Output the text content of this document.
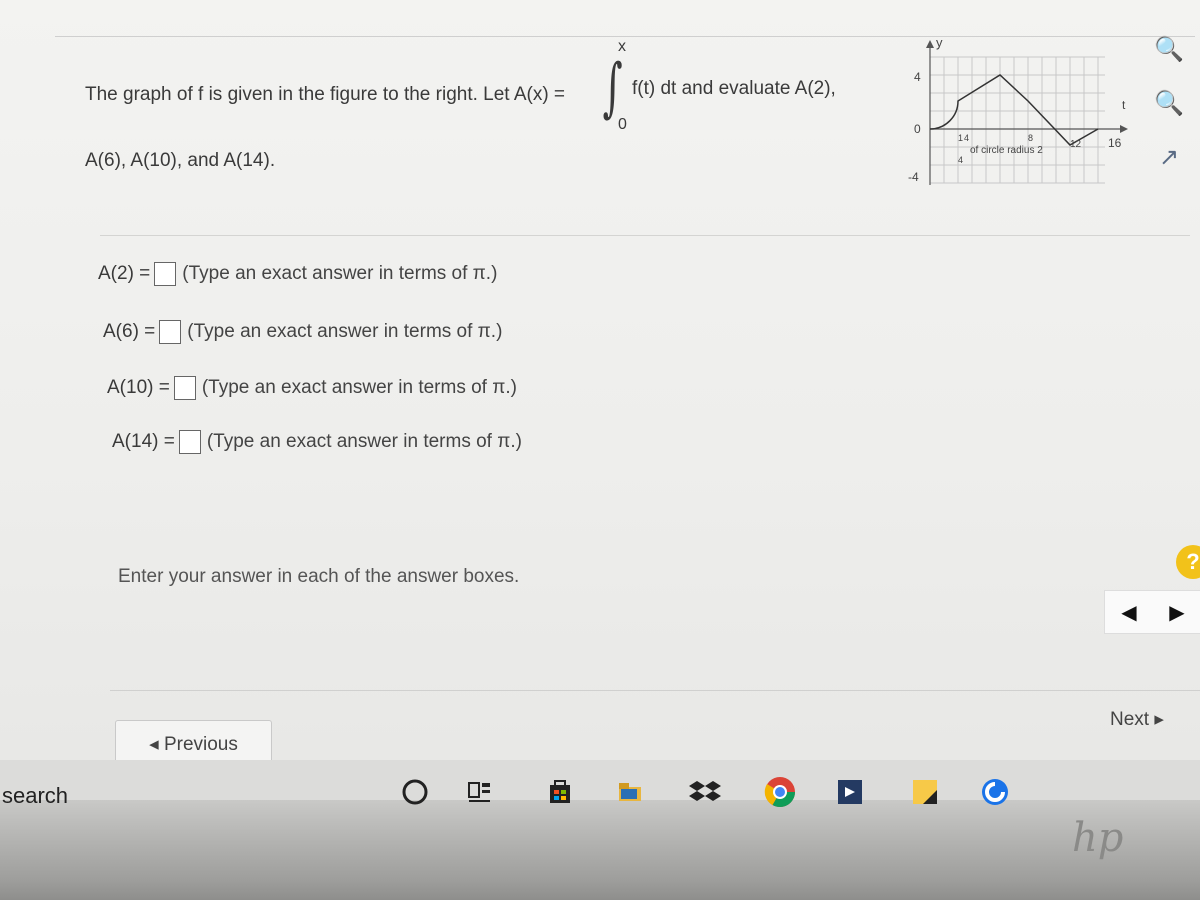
The graph of f is given in the figure to the right. Let A(x) =
x
∫
0
f(t) dt and evaluate A(2),
A(6), A(10), and A(14).
y
t
4
0
-4
1
4
of circle radius 2
4	8
12 16
🔍
🔍
↗
A(2) = (Type an exact answer in terms of π.)
A(6) = (Type an exact answer in terms of π.)
A(10) = (Type an exact answer in terms of π.)
A(14) = (Type an exact answer in terms of π.)
Enter your answer in each of the answer boxes.
?
◀ ▶
◂ Previous
Next ▸
search
hp
